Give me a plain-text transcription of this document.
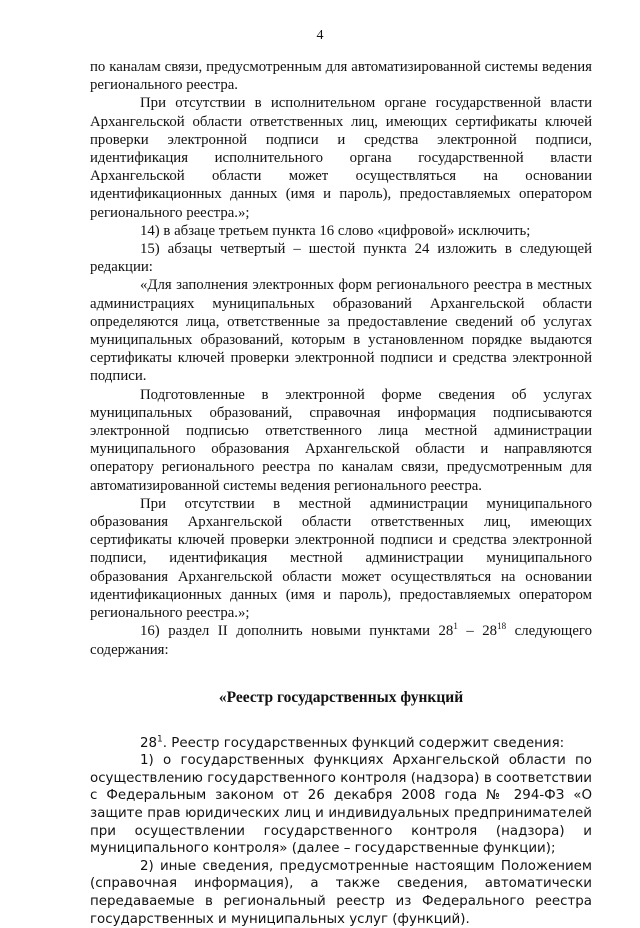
4

по каналам связи, предусмотренным для автоматизированной системы ведения регионального реестра.

При отсутствии в исполнительном органе государственной власти Архангельской области ответственных лиц, имеющих сертификаты ключей проверки электронной подписи и средства электронной подписи, идентификация исполнительного органа государственной власти Архангельской области может осуществляться на основании идентификационных данных (имя и пароль), предоставляемых оператором регионального реестра.»;

14) в абзаце третьем пункта 16 слово «цифровой» исключить;

15) абзацы четвертый – шестой пункта 24 изложить в следующей редакции:

«Для заполнения электронных форм регионального реестра в местных администрациях муниципальных образований Архангельской области определяются лица, ответственные за предоставление сведений об услугах муниципальных образований, которым в установленном порядке выдаются сертификаты ключей проверки электронной подписи и средства электронной подписи.

Подготовленные в электронной форме сведения об услугах муниципальных образований, справочная информация подписываются электронной подписью ответственного лица местной администрации муниципального образования Архангельской области и направляются оператору регионального реестра по каналам связи, предусмотренным для автоматизированной системы ведения регионального реестра.

При отсутствии в местной администрации муниципального образования Архангельской области ответственных лиц, имеющих сертификаты ключей проверки электронной подписи и средства электронной подписи, идентификация местной администрации муниципального образования Архангельской области может осуществляться на основании идентификационных данных (имя и пароль), предоставляемых оператором регионального реестра.»;

16) раздел II дополнить новыми пунктами $28^1 - 28^{18}$ следующего содержания:

«Реестр государственных функций

$28^1$. Реестр государственных функций содержит сведения:

1) о государственных функциях Архангельской области по осуществлению государственного контроля (надзора) в соответствии с Федеральным законом от 26 декабря 2008 года № 294-ФЗ «О защите прав юридических лиц и индивидуальных предпринимателей при осуществлении государственного контроля (надзора) и муниципального контроля» (далее – государственные функции);

2) иные сведения, предусмотренные настоящим Положением (справочная информация), а также сведения, автоматически передаваемые в региональный реестр из Федерального реестра государственных и муниципальных услуг (функций).
